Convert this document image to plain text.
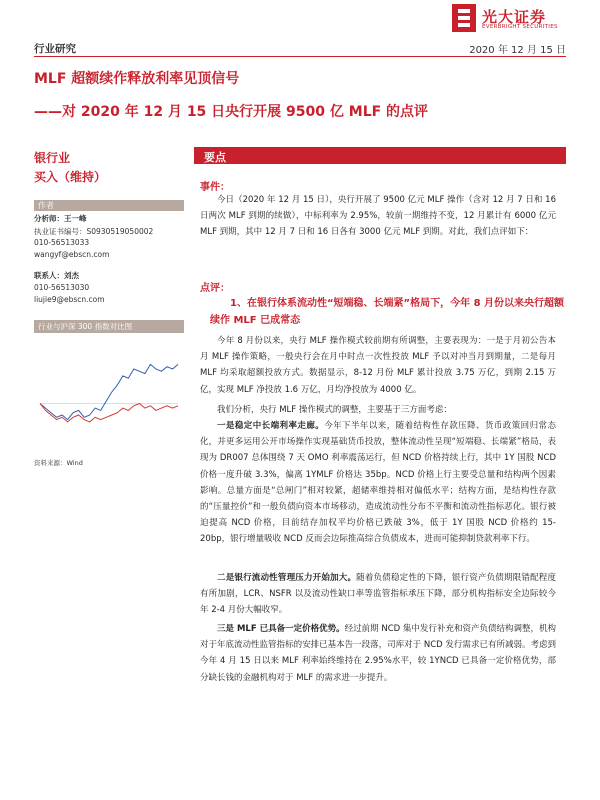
光大证券
EVERBRIGHT SECURITIES
行业研究	2020 年 12 月 15 日
MLF 超额续作释放利率见顶信号
——对 2020 年 12 月 15 日央行开展 9500 亿 MLF 的点评
银行业
买入（维持）
作者
分析师：王一峰
执业证书编号：S0930519050002
010-56513033
wangyf@ebscn.com
联系人：刘杰
010-56513030
liujie9@ebscn.com
行业与沪深 300 指数对比图
资料来源：Wind
要点
事件：
今日（2020 年 12 月 15 日），央行开展了 9500 亿元 MLF 操作（含对 12 月 7 日和 16 日两次 MLF 到期的续做），中标利率为 2.95%，较前一期维持不变，12 月累计有 6000 亿元 MLF 到期，其中 12 月 7 日和 16 日各有 3000 亿元 MLF 到期。对此，我们点评如下：
点评：
1、在银行体系流动性“短端稳、长端紧”格局下，今年 8 月份以来央行超额续作 MLF 已成常态
今年 8 月份以来，央行 MLF 操作模式较前期有所调整，主要表现为：一是于月初公告本月 MLF 操作策略，一般央行会在月中时点一次性投放 MLF 予以对冲当月到期量，二是每月 MLF 均采取超额投放方式。数据显示，8-12 月份 MLF 累计投放 3.75 万亿，到期 2.15 万亿，实现 MLF 净投放 1.6 万亿，月均净投放为 4000 亿。
我们分析，央行 MLF 操作模式的调整，主要基于三方面考虑：
一是稳定中长端利率走廊。今年下半年以来，随着结构性存款压降、货币政策回归常态化，并更多运用公开市场操作实现基础货币投放，整体流动性呈现“短端稳、长端紧”格局，表现为 DR007 总体围绕 7 天 OMO 利率震荡运行，但 NCD 价格持续上行，其中 1Y 国股 NCD 价格一度升破 3.3%，偏离 1YMLF 价格达 35bp。NCD 价格上行主要受总量和结构两个因素影响。总量方面是“总闸门”相对较紧，超储率维持相对偏低水平；结构方面，是结构性存款的“压量控价”和一般负债向资本市场移动，造成流动性分布不平衡和流动性指标恶化。银行被迫提高 NCD 价格，目前结存加权平均价格已跌破 3%，低于 1Y 国股 NCD 价格约 15-20bp，银行增量吸收 NCD 反而会边际推高综合负债成本，进而可能抑制贷款利率下行。
二是银行流动性管理压力开始加大。随着负债稳定性的下降，银行资产负债期限错配程度有所加剧，LCR、NSFR 以及流动性缺口率等监管指标承压下降，部分机构指标安全边际较今年 2-4 月份大幅收窄。
三是 MLF 已具备一定价格优势。经过前期 NCD 集中发行补充和资产负债结构调整，机构对于年底流动性监管指标的安排已基本告一段落，司库对于 NCD 发行需求已有所减弱。考虑到今年 4 月 15 日以来 MLF 利率始终维持在 2.95%水平，较 1YNCD 已具备一定价格优势，部分缺长钱的金融机构对于 MLF 的需求进一步提升。
